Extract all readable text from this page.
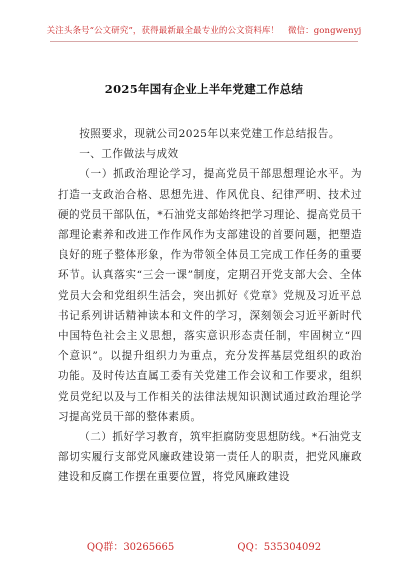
关注头条号“公文研究”，获得最新最全最专业的公文资料库！ 微信：gongwenyj
2025年国有企业上半年党建工作总结

按照要求，现就公司2025年以来党建工作总结报告。

一、工作做法与成效

（一）抓政治理论学习，提高党员干部思想理论水平。为打造一支政治合格、思想先进、作风优良、纪律严明、技术过硬的党员干部队伍，*石油党支部始终把学习理论、提高党员干部理论素养和改进工作作风作为支部建设的首要问题，把塑造良好的班子整体形象，作为带领全体员工完成工作任务的重要环节。认真落实“三会一课”制度，定期召开党支部大会、全体党员大会和党组织生活会，突出抓好《党章》党规及习近平总书记系列讲话精神读本和文件的学习，深刻领会习近平新时代中国特色社会主义思想，落实意识形态责任制，牢固树立“四个意识”。以提升组织力为重点，充分发挥基层党组织的政治功能。及时传达直属工委有关党建工作会议和工作要求，组织党员党纪以及与工作相关的法律法规知识测试通过政治理论学习提高党员干部的整体素质。

（二）抓好学习教育，筑牢拒腐防变思想防线。*石油党支部切实履行支部党风廉政建设第一责任人的职责，把党风廉政建设和反腐工作摆在重要位置，将党风廉政建设

QQ群：30265665	QQ：535304092
